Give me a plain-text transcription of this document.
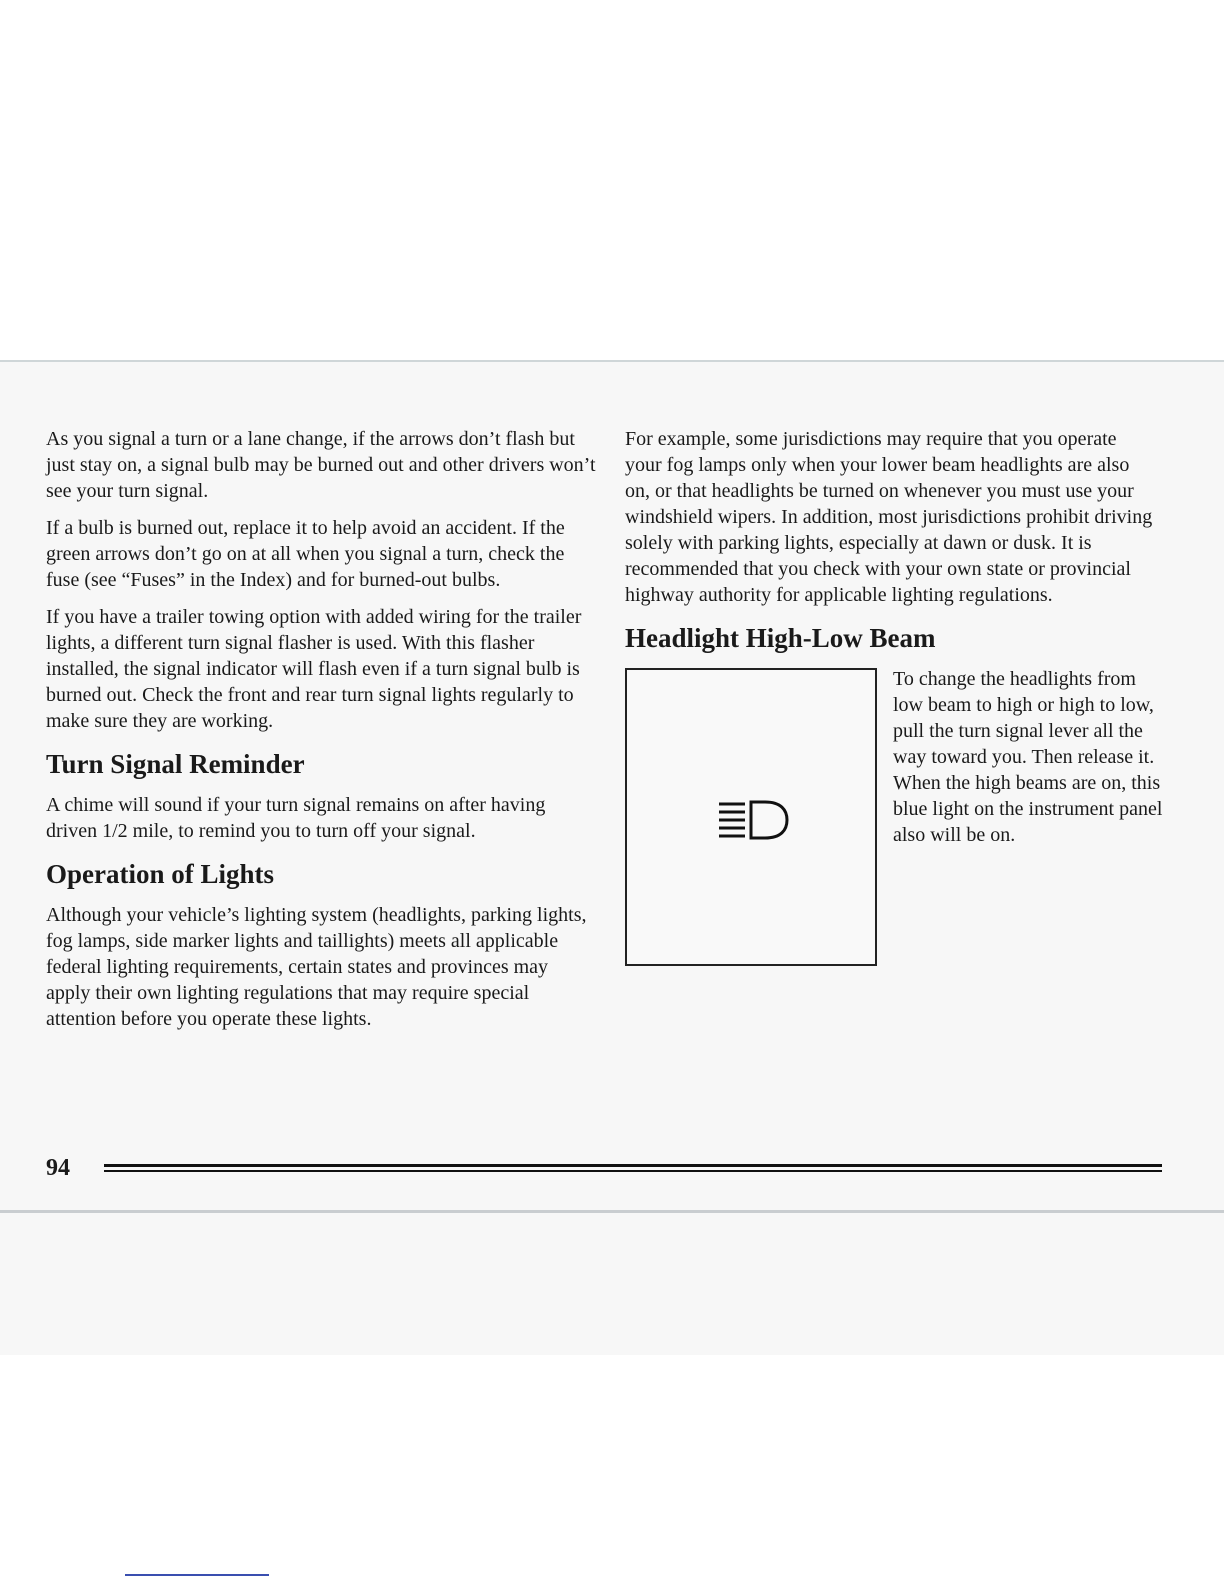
As you signal a turn or a lane change, if the arrows don’t flash but just stay on, a signal bulb may be burned out and other drivers won’t see your turn signal.

If a bulb is burned out, replace it to help avoid an accident. If the green arrows don’t go on at all when you signal a turn, check the fuse (see “Fuses” in the Index) and for burned-out bulbs.

If you have a trailer towing option with added wiring for the trailer lights, a different turn signal flasher is used. With this flasher installed, the signal indicator will flash even if a turn signal bulb is burned out. Check the front and rear turn signal lights regularly to make sure they are working.

Turn Signal Reminder

A chime will sound if your turn signal remains on after having driven 1/2 mile, to remind you to turn off your signal.

Operation of Lights

Although your vehicle’s lighting system (headlights, parking lights, fog lamps, side marker lights and taillights) meets all applicable federal lighting requirements, certain states and provinces may apply their own lighting regulations that may require special attention before you operate these lights.

For example, some jurisdictions may require that you operate your fog lamps only when your lower beam headlights are also on, or that headlights be turned on whenever you must use your windshield wipers. In addition, most jurisdictions prohibit driving solely with parking lights, especially at dawn or dusk. It is recommended that you check with your own state or provincial highway authority for applicable lighting regulations.

Headlight High-Low Beam

To change the headlights from low beam to high or high to low, pull the turn signal lever all the way toward you. Then release it. When the high beams are on, this blue light on the instrument panel also will be on.

94
